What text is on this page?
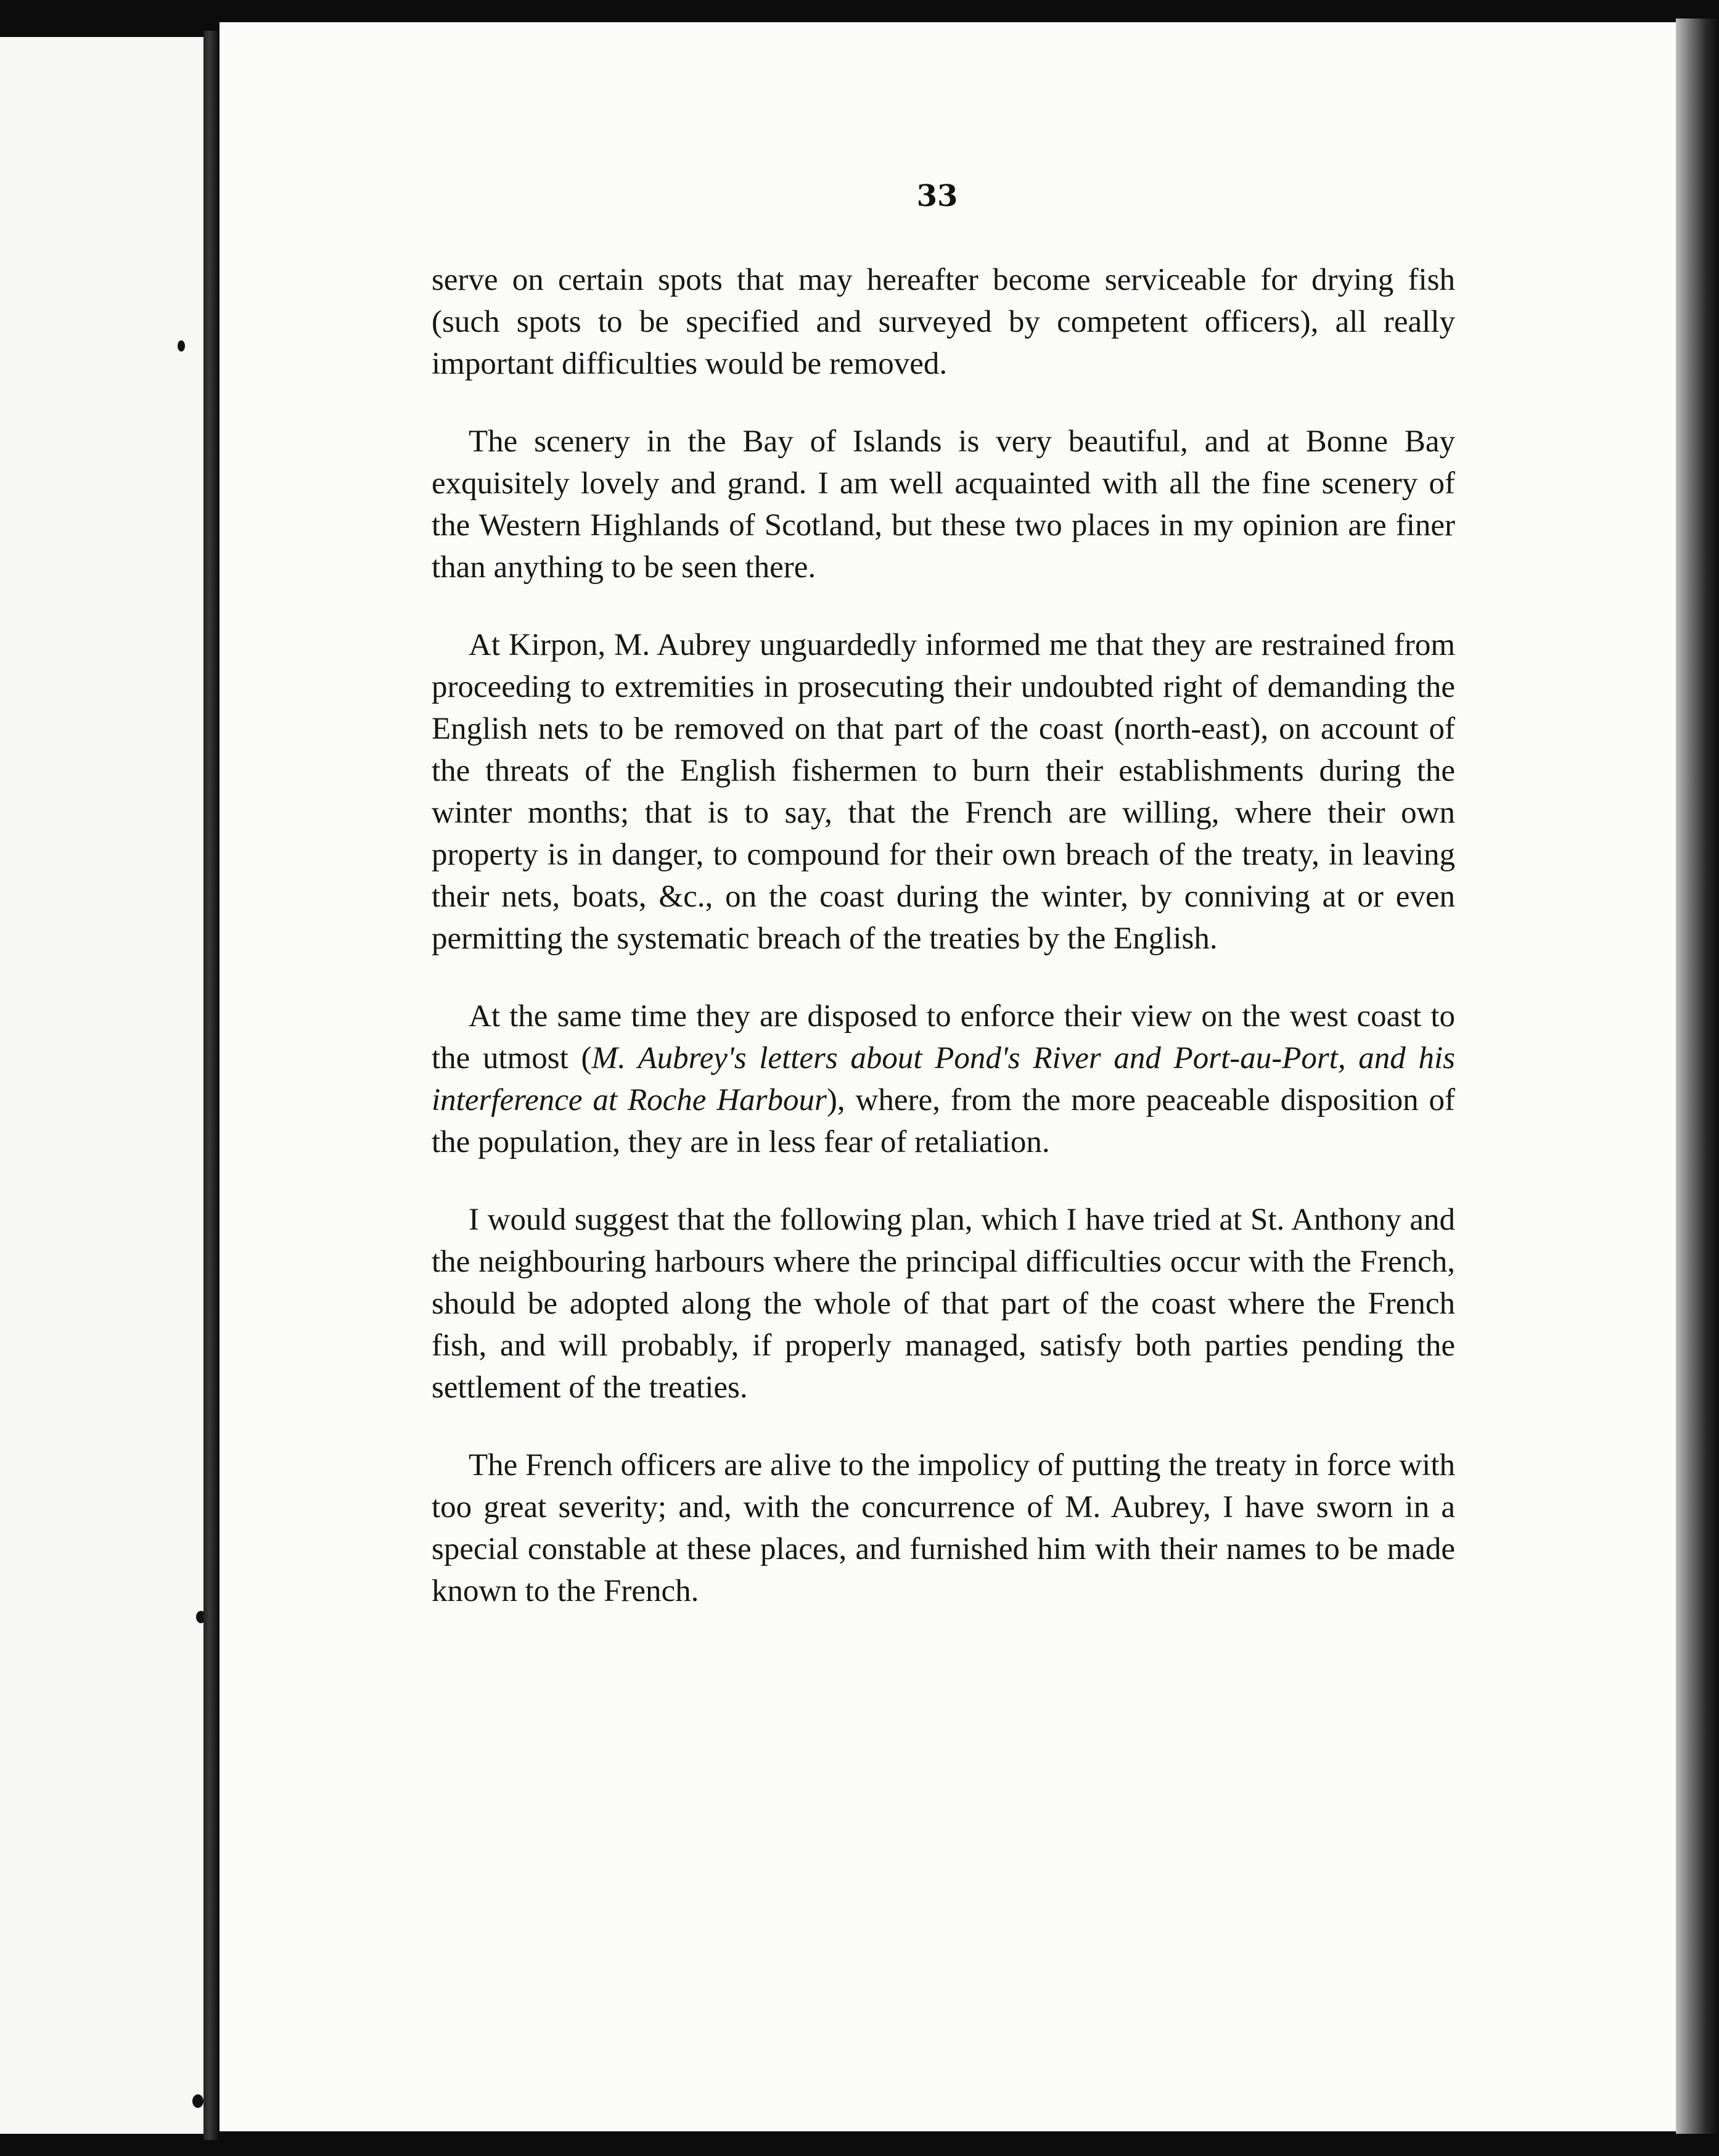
33

serve on certain spots that may hereafter become serviceable for drying fish (such spots to be specified and surveyed by competent officers), all really important difficulties would be removed.

The scenery in the Bay of Islands is very beautiful, and at Bonne Bay exquisitely lovely and grand. I am well acquainted with all the fine scenery of the Western Highlands of Scotland, but these two places in my opinion are finer than anything to be seen there.

At Kirpon, M. Aubrey unguardedly informed me that they are restrained from proceeding to extremities in prosecuting their undoubted right of demanding the English nets to be removed on that part of the coast (north-east), on account of the threats of the English fishermen to burn their establishments during the winter months; that is to say, that the French are willing, where their own property is in danger, to compound for their own breach of the treaty, in leaving their nets, boats, &c., on the coast during the winter, by conniving at or even permitting the systematic breach of the treaties by the English.

At the same time they are disposed to enforce their view on the west coast to the utmost (M. Aubrey's letters about Pond's River and Port-au-Port, and his interference at Roche Harbour), where, from the more peaceable disposition of the population, they are in less fear of retaliation.

I would suggest that the following plan, which I have tried at St. Anthony and the neighbouring harbours where the principal difficulties occur with the French, should be adopted along the whole of that part of the coast where the French fish, and will probably, if properly managed, satisfy both parties pending the settlement of the treaties.

The French officers are alive to the impolicy of putting the treaty in force with too great severity; and, with the concurrence of M. Aubrey, I have sworn in a special constable at these places, and furnished him with their names to be made known to the French.
